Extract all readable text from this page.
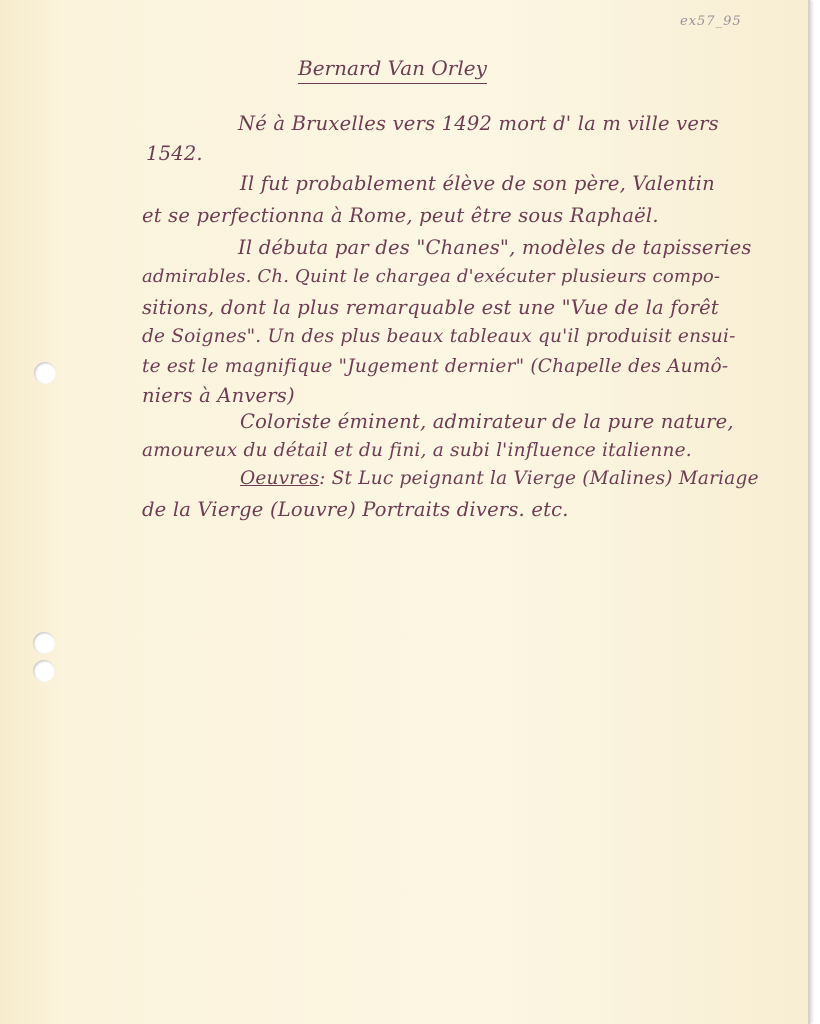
ex57_95
Bernard Van Orley
Né à Bruxelles vers 1492 mort d' la m ville vers
1542.
Il fut probablement élève de son père, Valentin
et se perfectionna à Rome, peut être sous Raphaël.
Il débuta par des "Chanes", modèles de tapisseries
admirables. Ch. Quint le chargea d'exécuter plusieurs compo-
sitions, dont la plus remarquable est une "Vue de la forêt
de Soignes". Un des plus beaux tableaux qu'il produisit ensui-
te est le magnifique "Jugement dernier" (Chapelle des Aumô-
niers à Anvers)
Coloriste éminent, admirateur de la pure nature,
amoureux du détail et du fini, a subi l'influence italienne.
Oeuvres: St Luc peignant la Vierge (Malines) Mariage
de la Vierge (Louvre) Portraits divers. etc.
